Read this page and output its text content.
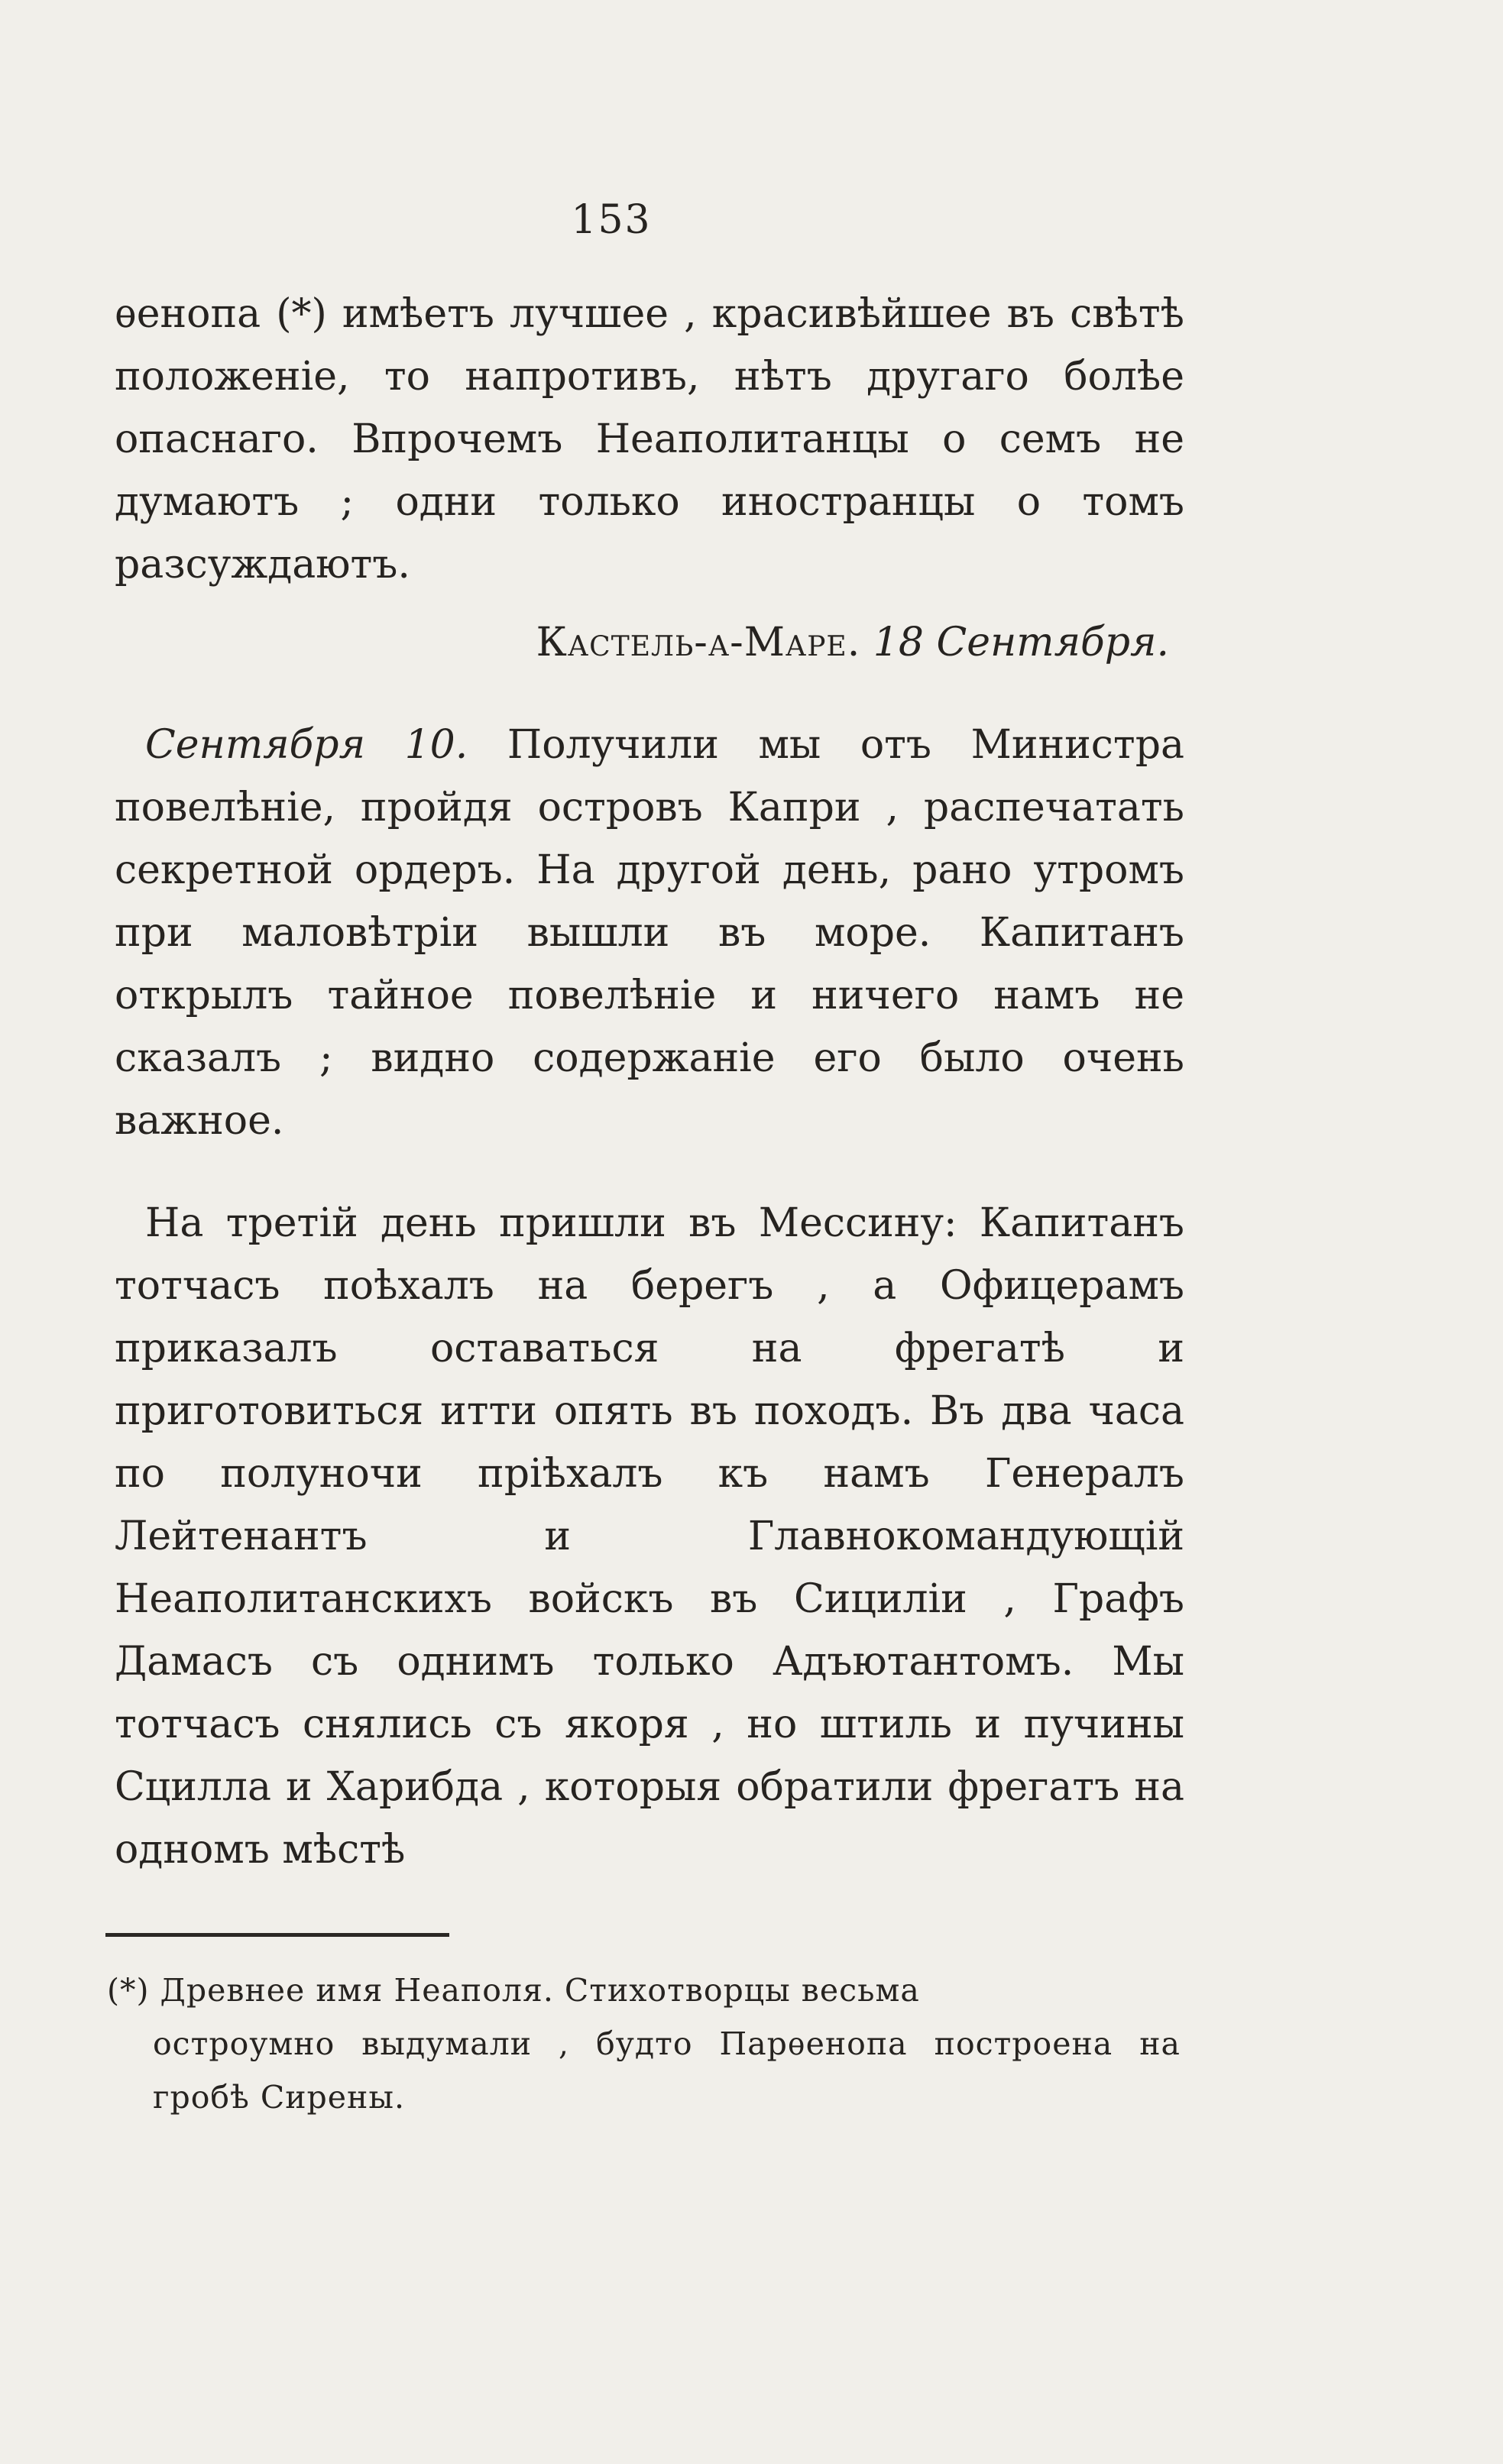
153

ѳенопа (*) имѣетъ лучшее , красивѣйшее въ свѣтѣ положеніе, то напротивъ, нѣтъ другаго болѣе опаснаго. Впрочемъ Неаполитанцы о семъ не думаютъ ; одни только иностранцы о томъ разсуждаютъ.

Кастель-а-Маре. 18 Сентября.

Сентября 10. Получили мы отъ Министра повелѣніе, пройдя островъ Капри , распечатать секретной ордеръ. На другой день, рано утромъ при маловѣтріи вышли въ море. Капитанъ открылъ тайное повелѣніе и ничего намъ не сказалъ ; видно содержаніе его было очень важное.

На третій день пришли въ Мессину: Капитанъ тотчасъ поѣхалъ на берегъ , а Офицерамъ приказалъ оставаться на фрегатѣ и приготовиться итти опять въ походъ. Въ два часа по полуночи пріѣхалъ къ намъ Генералъ Лейтенантъ и Главнокомандующій Неаполитанскихъ войскъ въ Сициліи , Графъ Дамасъ съ однимъ только Адъютантомъ. Мы тотчасъ снялись съ якоря , но штиль и пучины Сцилла и Харибда , которыя обратили фрегатъ на одномъ мѣстѣ

(*) Древнее имя Неаполя. Стихотворцы весьма
остроумно выдумали , будто Парѳенопа построена на гробѣ Сирены.
